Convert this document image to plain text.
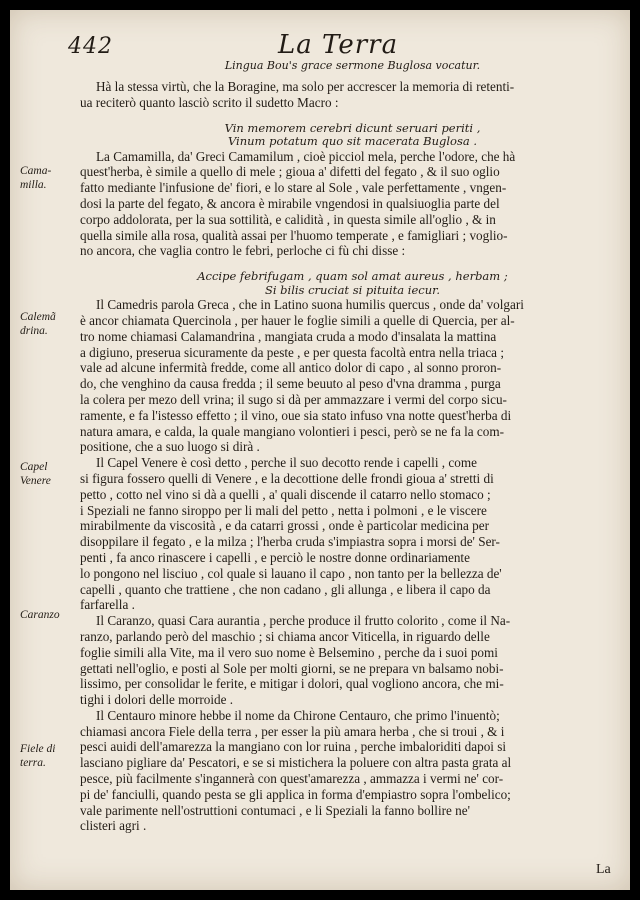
442	La Terra
Cama-
milla.
Calemã
drina.
Capel
Venere
Caranzo
Fiele di
terra.
Lingua Bou's grace sermone Buglosa vocatur.
Hà la stessa virtù, che la Boragine, ma solo per accrescer la memoria di retenti-
ua reciterò quanto lasciò scrito il sudetto Macro :
Vin memorem cerebri dicunt seruari periti ,
Vinum potatum quo sit macerata Buglosa .
La Camamilla, da' Greci Camamilum , cioè picciol mela, perche l'odore, che hà
quest'herba, è simile a quello di mele ; gioua a' difetti del fegato , & il suo oglio
fatto mediante l'infusione de' fiori, e lo stare al Sole , vale perfettamente , vngen-
dosi la parte del fegato, & ancora è mirabile vngendosi in qualsiuoglia parte del
corpo addolorata, per la sua sottilità, e calidità , in questa simile all'oglio , & in
quella simile alla rosa, qualità assai per l'huomo temperate , e famigliari ; voglio-
no ancora, che vaglia contro le febri, perloche ci fù chi disse :
Accipe febrifugam , quam sol amat aureus , herbam ;
Si bilis cruciat si pituita iecur.
Il Camedris parola Greca , che in Latino suona humilis quercus , onde da' volgari
è ancor chiamata Quercinola , per hauer le foglie simili a quelle di Quercia, per al-
tro nome chiamasi Calamandrina , mangiata cruda a modo d'insalata la mattina
a digiuno, preserua sicuramente da peste , e per questa facoltà entra nella triaca ;
vale ad alcune infermità fredde, come all antico dolor di capo , al sonno proron-
do, che venghino da causa fredda ; il seme beuuto al peso d'vna dramma , purga
la colera per mezo dell vrina; il sugo si dà per ammazzare i vermi del corpo sicu-
ramente, e fa l'istesso effetto ; il vino, oue sia stato infuso vna notte quest'herba di
natura amara, e calda, la quale mangiano volontieri i pesci, però se ne fa la com-
positione, che a suo luogo si dirà .
Il Capel Venere è così detto , perche il suo decotto rende i capelli , come
si figura fossero quelli di Venere , e la decottione delle frondi gioua a' stretti di
petto , cotto nel vino si dà a quelli , a' quali discende il catarro nello stomaco ;
i Speziali ne fanno siroppo per li mali del petto , netta i polmoni , e le viscere
mirabilmente da viscosità , e da catarri grossi , onde è particolar medicina per
disoppilare il fegato , e la milza ; l'herba cruda s'impiastra sopra i morsi de' Ser-
penti , fa anco rinascere i capelli , e perciò le nostre donne ordinariamente
lo pongono nel lisciuo , col quale si lauano il capo , non tanto per la bellezza de'
capelli , quanto che trattiene , che non cadano , gli allunga , e libera il capo da
farfarella .
Il Caranzo, quasi Cara aurantia , perche produce il frutto colorito , come il Na-
ranzo, parlando però del maschio ; si chiama ancor Viticella, in riguardo delle
foglie simili alla Vite, ma il vero suo nome è Belsemino , perche da i suoi pomi
gettati nell'oglio, e posti al Sole per molti giorni, se ne prepara vn balsamo nobi-
lissimo, per consolidar le ferite, e mitigar i dolori, qual vogliono ancora, che mi-
tighi i dolori delle morroide .
Il Centauro minore hebbe il nome da Chirone Centauro, che primo l'inuentò;
chiamasi ancora Fiele della terra , per esser la più amara herba , che si troui , & i
pesci auidi dell'amarezza la mangiano con lor ruina , perche imbaloriditi dapoi si
lasciano pigliare da' Pescatori, e se si mistichera la poluere con altra pasta grata al
pesce, più facilmente s'ingannerà con quest'amarezza , ammazza i vermi ne' cor-
pi de' fanciulli, quando pesta se gli applica in forma d'empiastro sopra l'ombelico;
vale parimente nell'ostruttioni contumaci , e li Speziali la fanno bollire ne'
clisteri agri .
La
